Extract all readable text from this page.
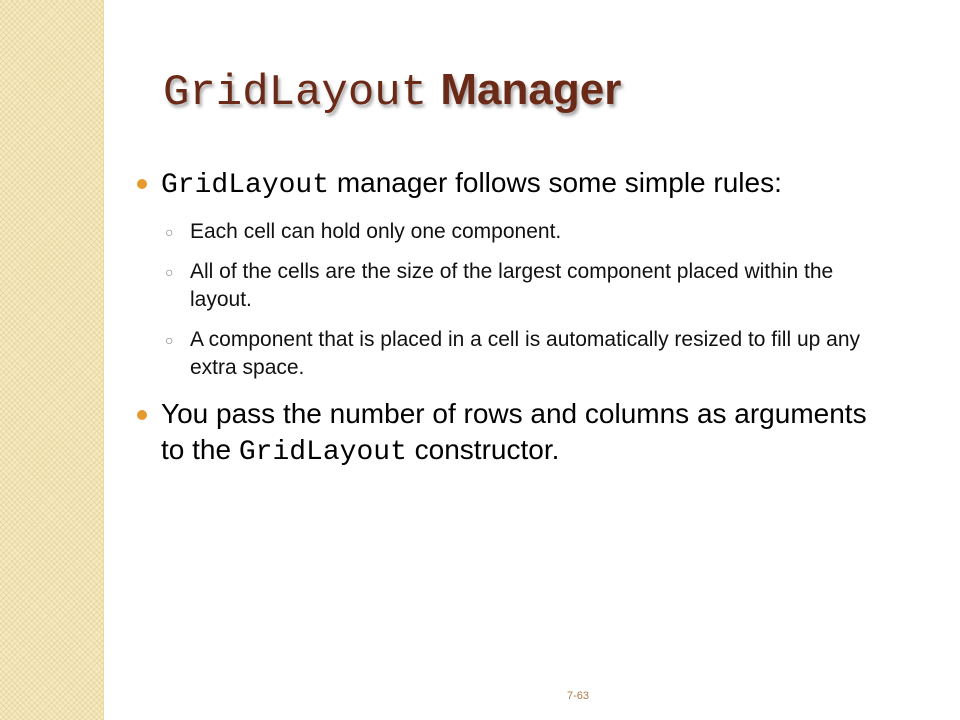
GridLayout Manager
GridLayout manager follows some simple rules:
○ Each cell can hold only one component.
○ All of the cells are the size of the largest component placed within the layout.
○ A component that is placed in a cell is automatically resized to fill up any extra space.
You pass the number of rows and columns as arguments to the GridLayout constructor.
7-63
